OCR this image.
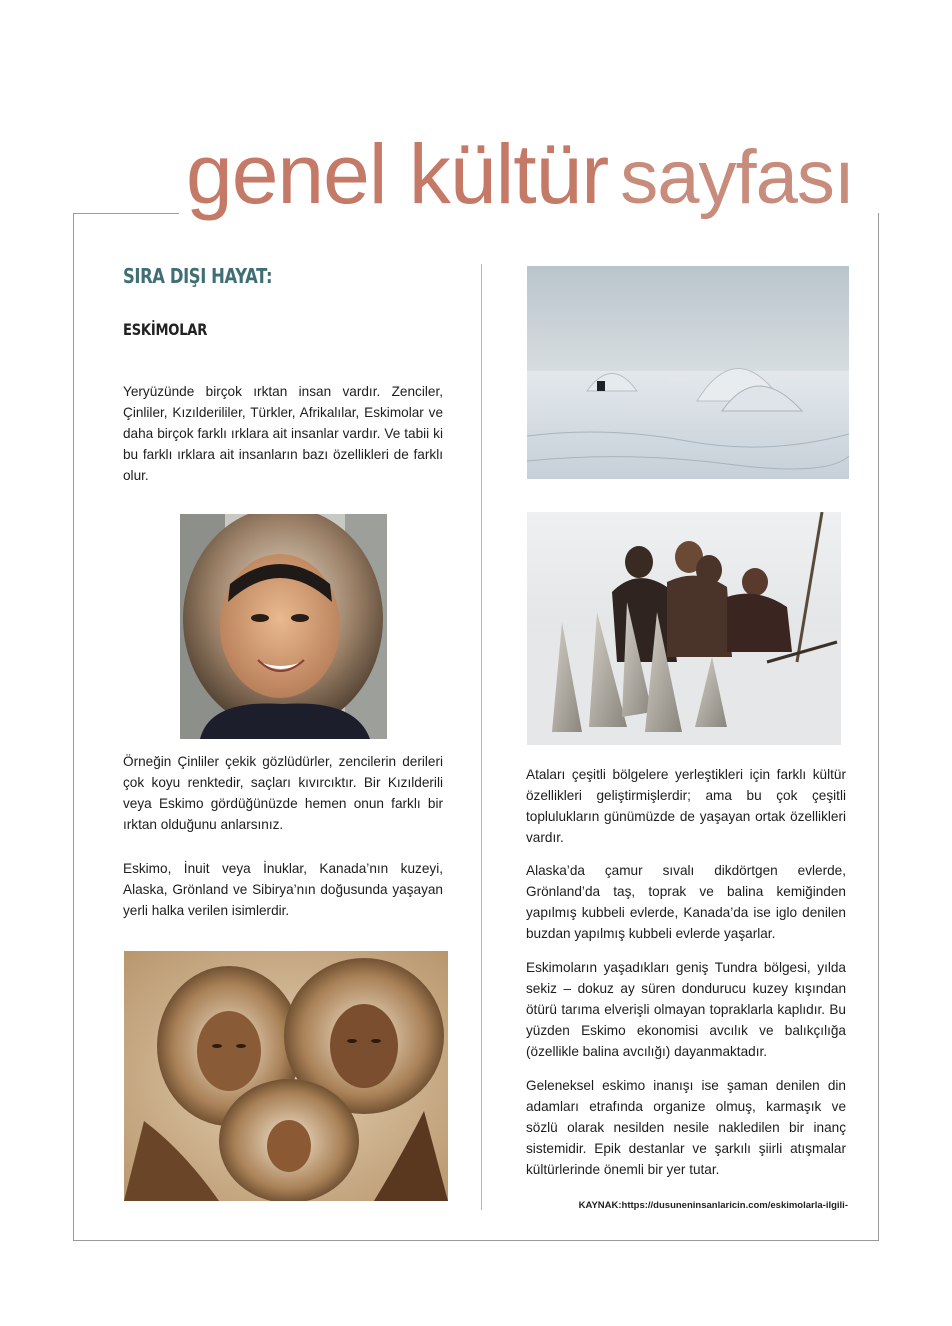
genel kültür sayfası
SIRA DIŞI HAYAT:
ESKİMOLAR

Yeryüzünde birçok ırktan insan vardır. Zenciler, Çinliler, Kızılderililer, Türkler, Afrikalılar, Eskimolar ve daha birçok farklı ırklara ait insanlar vardır. Ve tabii ki bu farklı ırklara ait insanların bazı özellikleri de farklı olur.

Örneğin Çinliler çekik gözlüdürler, zencilerin derileri çok koyu renktedir, saçları kıvırcıktır. Bir Kızılderili veya Eskimo gördüğünüzde hemen onun farklı bir ırktan olduğunu anlarsınız.

Eskimo, İnuit veya İnuklar, Kanada’nın kuzeyi, Alaska, Grönland ve Sibirya’nın doğusunda yaşayan yerli halka verilen isimlerdir.

Ataları çeşitli bölgelere yerleştikleri için farklı kültür özellikleri geliştirmişlerdir; ama bu çok çeşitli toplulukların günümüzde de yaşayan ortak özellikleri vardır.

Alaska’da çamur sıvalı dikdörtgen evlerde, Grönland’da taş, toprak ve balina kemiğinden yapılmış kubbeli evlerde, Kanada’da ise iglo denilen buzdan yapılmış kubbeli evlerde yaşarlar.

Eskimoların yaşadıkları geniş Tundra bölgesi, yılda sekiz – dokuz ay süren dondurucu kuzey kışından ötürü tarıma elverişli olmayan topraklarla kaplıdır. Bu yüzden Eskimo ekonomisi avcılık ve balıkçılığa (özellikle balina avcılığı) dayanmaktadır.

Geleneksel eskimo inanışı ise şaman denilen din adamları etrafında organize olmuş, karmaşık ve sözlü olarak nesilden nesile nakledilen bir inanç sistemidir. Epik destanlar ve şarkılı şiirli atışmalar kültürlerinde önemli bir yer tutar.

KAYNAK:https://dusuneninsanlaricin.com/eskimolarla-ilgili-
